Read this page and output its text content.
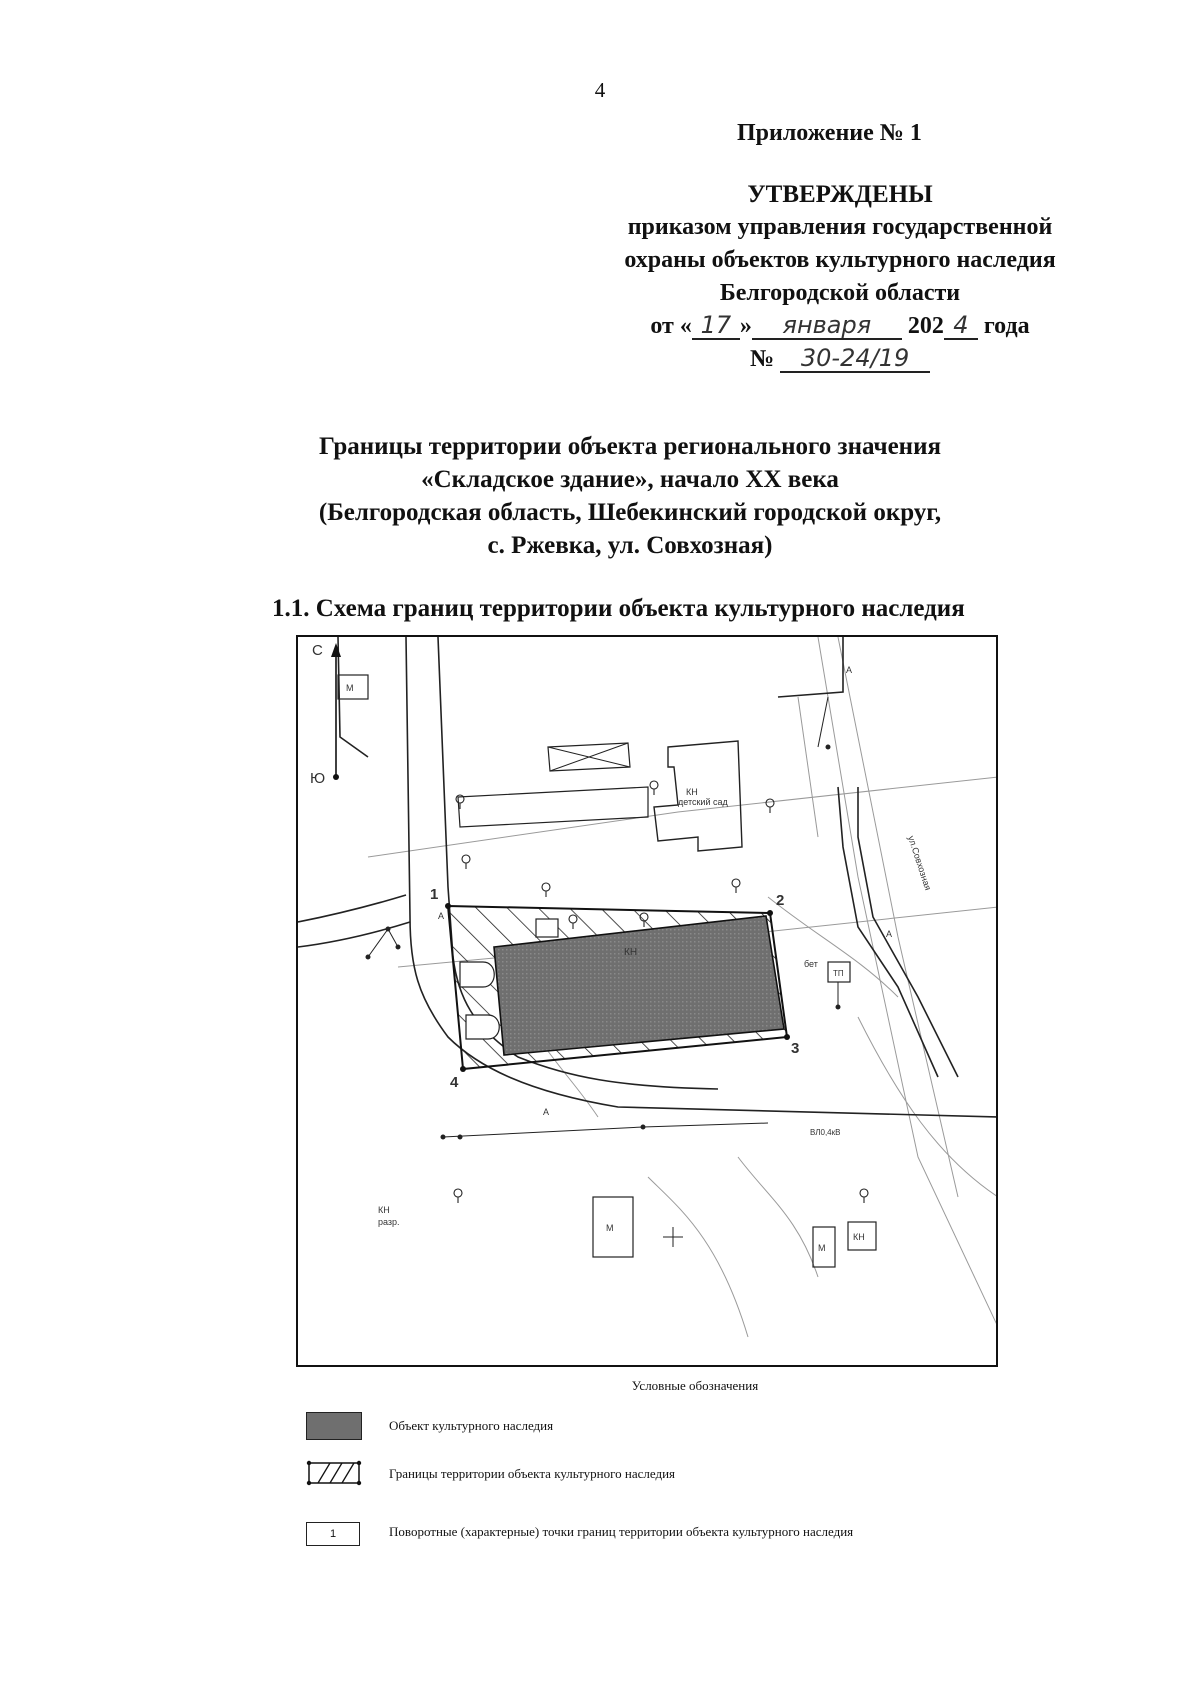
4
Приложение № 1
УТВЕРЖДЕНЫ
приказом управления государственной
охраны объектов культурного наследия
Белгородской области
от « 17 » января 202 4 года
№ 30-24/19
Границы территории объекта регионального значения
«Складское здание», начало XX века
(Белгородская область, Шебекинский городской округ,
с. Ржевка, ул. Совхозная)
1.1. Схема границ территории объекта культурного наследия
1	2
3
4
С
Ю
КН
КН
детский сад
М
М
М
КН
КН
разр.
А
А
А
А
бет
ТП
ул.Совхозная
ВЛ0,4кВ
Условные обозначения
Объект культурного наследия
Границы территории объекта культурного наследия
1	Поворотные (характерные) точки границ территории объекта культурного наследия
